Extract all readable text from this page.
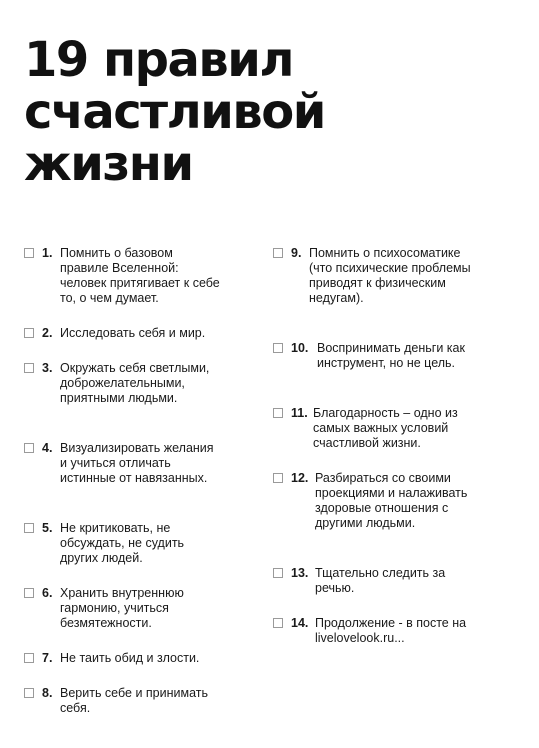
19 правил
счастливой
жизни
1. Помнить о базовом правиле Вселенной: человек притягивает к себе то, о чем думает.
2. Исследовать себя и мир.
3. Окружать себя светлыми, доброжелательными, приятными людьми.
4. Визуализировать желания и учиться отличать истинные от навязанных.
5. Не критиковать, не обсуждать, не судить других людей.
6. Хранить внутреннюю гармонию, учиться безмятежности.
7. Не таить обид и злости.
8. Верить себе и принимать себя.
9. Помнить о психосоматике (что психические проблемы приводят к физическим недугам).
10. Воспринимать деньги как инструмент, но не цель.
11. Благодарность – одно из самых важных условий счастливой жизни.
12. Разбираться со своими проекциями и налаживать здоровые отношения с другими людьми.
13. Тщательно следить за речью.
14. Продолжение - в посте на livelovelook.ru...
